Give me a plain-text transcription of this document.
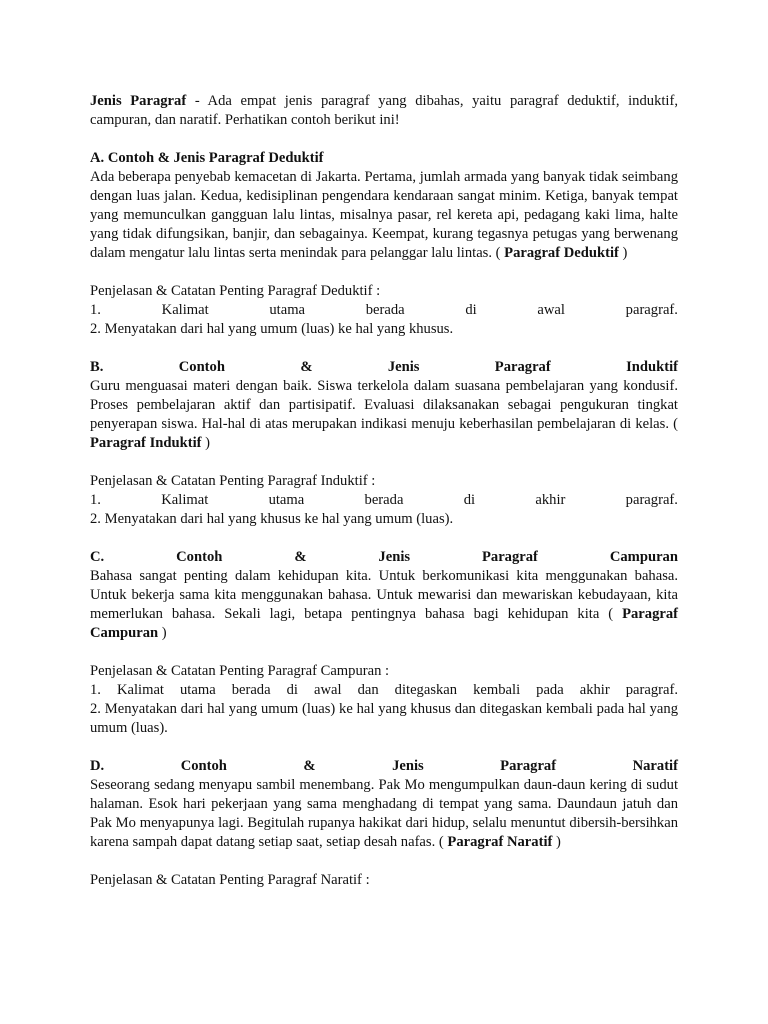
Jenis Paragraf - Ada empat jenis paragraf yang dibahas, yaitu paragraf deduktif, induktif, campuran, dan naratif. Perhatikan contoh berikut ini!

A. Contoh & Jenis Paragraf Deduktif

Ada beberapa penyebab kemacetan di Jakarta. Pertama, jumlah armada yang banyak tidak seimbang dengan luas jalan. Kedua, kedisiplinan pengendara kendaraan sangat minim. Ketiga, banyak tempat yang memunculkan gangguan lalu lintas, misalnya pasar, rel kereta api, pedagang kaki lima, halte yang tidak difungsikan, banjir, dan sebagainya. Keempat, kurang tegasnya petugas yang berwenang dalam mengatur lalu lintas serta menindak para pelanggar lalu lintas. ( Paragraf Deduktif )

Penjelasan & Catatan Penting Paragraf Deduktif :

1.	Kalimat	utama	berada	di	awal	paragraf.

2. Menyatakan dari hal yang umum (luas) ke hal yang khusus.

B.	Contoh	&	Jenis	Paragraf	Induktif

Guru menguasai materi dengan baik. Siswa terkelola dalam suasana pembelajaran yang kondusif. Proses pembelajaran aktif dan partisipatif. Evaluasi dilaksanakan sebagai pengukuran tingkat penyerapan siswa. Hal-hal di atas merupakan indikasi menuju keberhasilan pembelajaran di kelas. ( Paragraf Induktif )

Penjelasan & Catatan Penting Paragraf Induktif :

1.	Kalimat	utama	berada	di	akhir	paragraf.

2. Menyatakan dari hal yang khusus ke hal yang umum (luas).

C.	Contoh	&	Jenis	Paragraf	Campuran

Bahasa sangat penting dalam kehidupan kita. Untuk berkomunikasi kita menggunakan bahasa. Untuk bekerja sama kita menggunakan bahasa. Untuk mewarisi dan mewariskan kebudayaan, kita memerlukan bahasa. Sekali lagi, betapa pentingnya bahasa bagi kehidupan kita ( Paragraf Campuran )

Penjelasan & Catatan Penting Paragraf Campuran :

1. Kalimat utama berada di awal dan ditegaskan kembali pada akhir paragraf.

2. Menyatakan dari hal yang umum (luas) ke hal yang khusus dan ditegaskan kembali pada hal yang umum (luas).

D.	Contoh	&	Jenis	Paragraf	Naratif

Seseorang sedang menyapu sambil menembang. Pak Mo mengumpulkan daun-daun kering di sudut halaman. Esok hari pekerjaan yang sama menghadang di tempat yang sama. Daundaun jatuh dan Pak Mo menyapunya lagi. Begitulah rupanya hakikat dari hidup, selalu menuntut dibersih-bersihkan karena sampah dapat datang setiap saat, setiap desah nafas. ( Paragraf Naratif )

Penjelasan & Catatan Penting Paragraf Naratif :
